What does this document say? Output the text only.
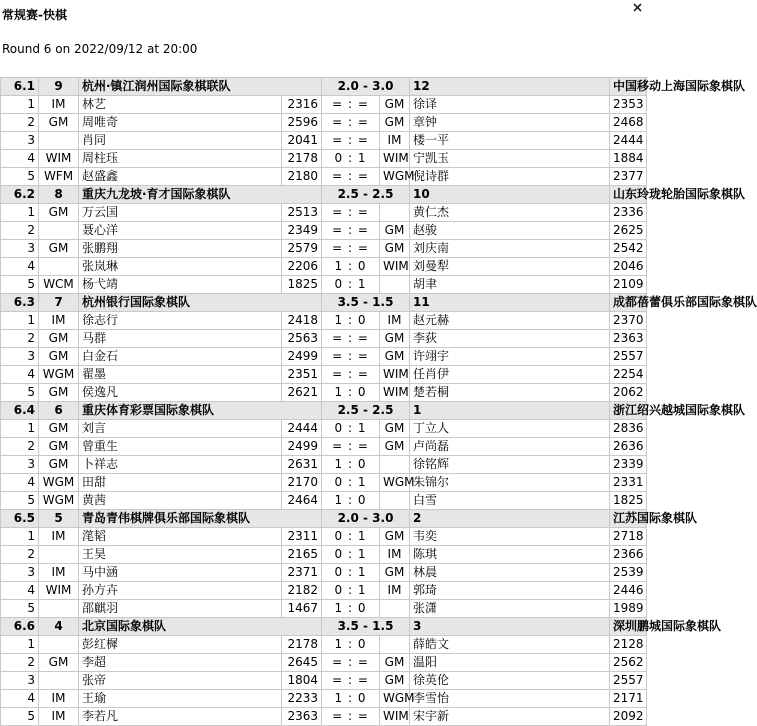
常规赛-快棋
Round 6 on 2022/09/12 at 20:00
6.1	9	杭州·镇江润州国际象棋联队		2.0 - 3.0		12	中国移动上海国际象棋队
1	IM	林艺	2316	= : =	GM	徐译	2353
2	GM	周唯奇	2596	= : =	GM	章钟	2468
3		肖同	2041	= : =	IM	楼一平	2444
4	WIM	周柱珏	2178	0 : 1	WIM	宁凯玉	1884
5	WFM	赵盛鑫	2180	= : =	WGM	倪诗群	2377
6.2	8	重庆九龙坡·育才国际象棋队		2.5 - 2.5		10	山东玲珑轮胎国际象棋队
1	GM	万云国	2513	= : =		黄仁杰	2336
2		聂心洋	2349	= : =	GM	赵骏	2625
3	GM	张鹏翔	2579	= : =	GM	刘庆南	2542
4		张岚琳	2206	1 : 0	WIM	刘曼犁	2046
5	WCM	杨弋靖	1825	0 : 1		胡聿	2109
6.3	7	杭州银行国际象棋队		3.5 - 1.5		11	成都蓓蕾俱乐部国际象棋队
1	IM	徐志行	2418	1 : 0	IM	赵元赫	2370
2	GM	马群	2563	= : =	GM	李荻	2363
3	GM	白金石	2499	= : =	GM	许翊宇	2557
4	WGM	翟墨	2351	= : =	WIM	任肖伊	2254
5	GM	侯逸凡	2621	1 : 0	WIM	楚若桐	2062
6.4	6	重庆体育彩票国际象棋队		2.5 - 2.5		1	浙江绍兴越城国际象棋队
1	GM	刘言	2444	0 : 1	GM	丁立人	2836
2	GM	曾重生	2499	= : =	GM	卢尚磊	2636
3	GM	卜祥志	2631	1 : 0		徐铭辉	2339
4	WGM	田甜	2170	0 : 1	WGM	朱锦尔	2331
5	WGM	黄茜	2464	1 : 0		白雪	1825
6.5	5	青岛青伟棋牌俱乐部国际象棋队		2.0 - 3.0		2	江苏国际象棋队
1	IM	滗韬	2311	0 : 1	GM	韦奕	2718
2		王昊	2165	0 : 1	IM	陈琪	2366
3	IM	马中涵	2371	0 : 1	GM	林晨	2539
4	WIM	孙方卉	2182	0 : 1	IM	郭琦	2446
5		邵麒羽	1467	1 : 0		张潇	1989
6.6	4	北京国际象棋队		3.5 - 1.5		3	深圳鹏城国际象棋队
1		彭红樨	2178	1 : 0		薛皓文	2128
2	GM	李超	2645	= : =	GM	温阳	2562
3		张帝	1804	= : =	GM	徐英伦	2557
4	IM	王瑜	2233	1 : 0	WGM	李雪怡	2171
5	IM	李若凡	2363	= : =	WIM	宋宇新	2092
